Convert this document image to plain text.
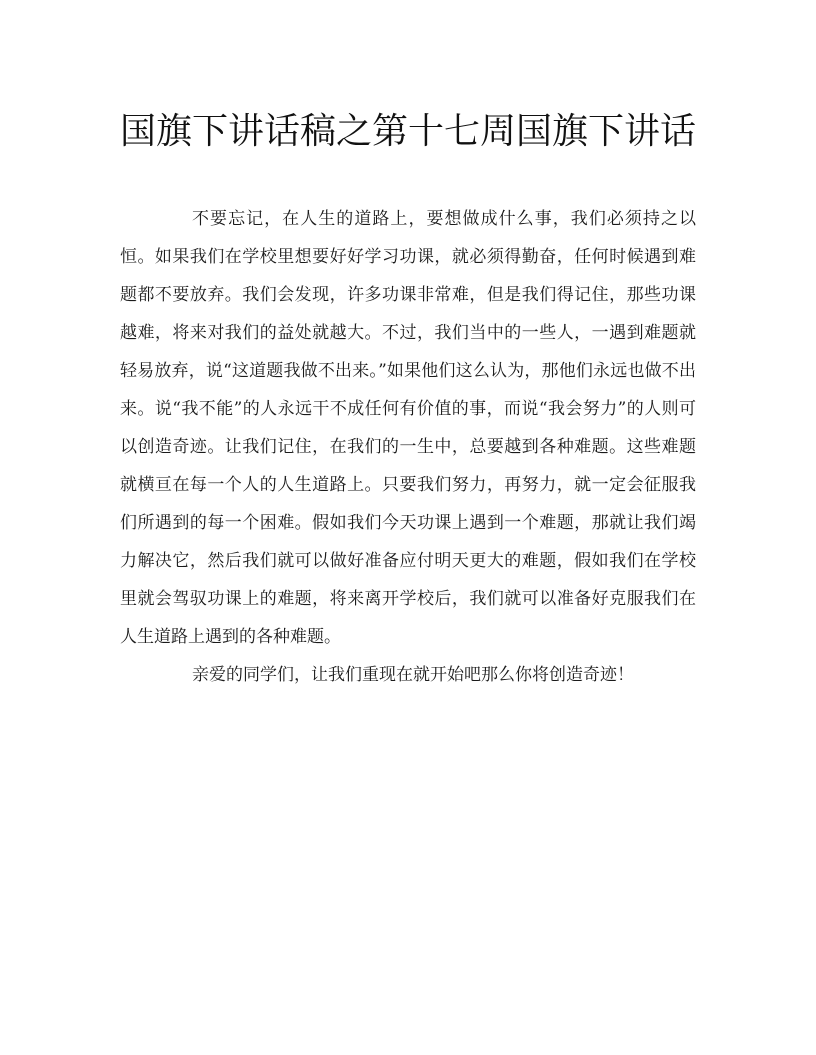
国旗下讲话稿之第十七周国旗下讲话

不要忘记，在人生的道路上，要想做成什么事，我们必须持之以恒。如果我们在学校里想要好好学习功课，就必须得勤奋，任何时候遇到难题都不要放弃。我们会发现，许多功课非常难，但是我们得记住，那些功课越难，将来对我们的益处就越大。不过，我们当中的一些人，一遇到难题就轻易放弃，说“这道题我做不出来。”如果他们这么认为，那他们永远也做不出来。说“我不能”的人永远干不成任何有价值的事，而说“我会努力”的人则可以创造奇迹。让我们记住，在我们的一生中，总要越到各种难题。这些难题就横亘在每一个人的人生道路上。只要我们努力，再努力，就一定会征服我们所遇到的每一个困难。假如我们今天功课上遇到一个难题，那就让我们竭力解决它，然后我们就可以做好准备应付明天更大的难题，假如我们在学校里就会驾驭功课上的难题，将来离开学校后，我们就可以准备好克服我们在人生道路上遇到的各种难题。

亲爱的同学们，让我们重现在就开始吧那么你将创造奇迹！
